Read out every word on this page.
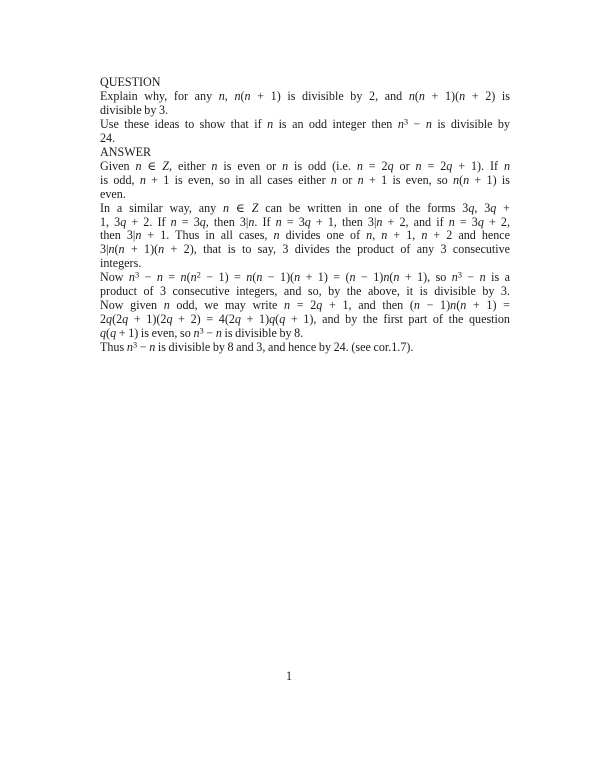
QUESTION
Explain why, for any n, n(n + 1) is divisible by 2, and n(n + 1)(n + 2) is
divisible by 3.
Use these ideas to show that if n is an odd integer then $n^3 - n$ is divisible by
24.
ANSWER
Given n ∈ Z, either n is even or n is odd (i.e. n = 2q or n = 2q + 1). If n
is odd, n + 1 is even, so in all cases either n or n + 1 is even, so n(n + 1) is
even.
In a similar way, any n ∈ Z can be written in one of the forms 3q, 3q +
1, 3q + 2. If n = 3q, then 3|n. If n = 3q + 1, then 3|n + 2, and if n = 3q + 2,
then 3|n + 1. Thus in all cases, n divides one of n, n + 1, n + 2 and hence
3|n(n + 1)(n + 2), that is to say, 3 divides the product of any 3 consecutive
integers.
Now $n^3 - n = n(n^2 - 1) = n(n - 1)(n + 1) = (n - 1)n(n + 1)$, so $n^3 - n$ is a
product of 3 consecutive integers, and so, by the above, it is divisible by 3.
Now given n odd, we may write n = 2q + 1, and then (n − 1)n(n + 1) =
2q(2q + 1)(2q + 2) = 4(2q + 1)q(q + 1), and by the first part of the question
q(q + 1) is even, so $n^3 - n$ is divisible by 8.
Thus $n^3 - n$ is divisible by 8 and 3, and hence by 24. (see cor.1.7).
1
